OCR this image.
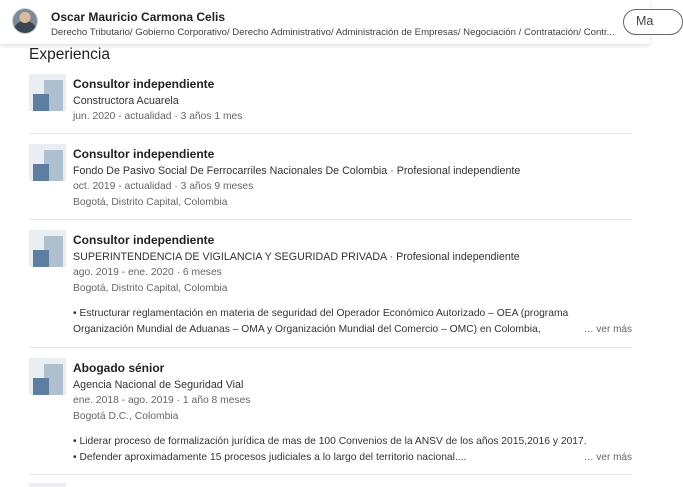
Oscar Mauricio Carmona Celis
Derecho Tributario/ Gobierno Corporativo/ Derecho Administrativo/ Administración de Empresas/ Negociación / Contratación/ Contr...
Ma
Experiencia
Consultor independiente
Constructora Acuarela
jun. 2020 - actualidad · 3 años 1 mes
Consultor independiente
Fondo De Pasivo Social De Ferrocarriles Nacionales De Colombia · Profesional independiente
oct. 2019 - actualidad · 3 años 9 meses
Bogotá, Distrito Capital, Colombia
Consultor independiente
SUPERINTENDENCIA DE VIGILANCIA Y SEGURIDAD PRIVADA · Profesional independiente
ago. 2019 - ene. 2020 · 6 meses
Bogotá, Distrito Capital, Colombia
• Estructurar reglamentación en materia de seguridad del Operador Económico Autorizado – OEA (programa
Organización Mundial de Aduanas – OMA y Organización Mundial del Comercio – OMC) en Colombia,	… ver más
Abogado sénior
Agencia Nacional de Seguridad Vial
ene. 2018 - ago. 2019 · 1 año 8 meses
Bogotá D.C., Colombia
• Liderar proceso de formalización jurídica de mas de 100 Convenios de la ANSV de los años 2015,2016 y 2017.
• Defender aproximadamente 15 procesos judiciales a lo largo del territorio nacional....	… ver más
